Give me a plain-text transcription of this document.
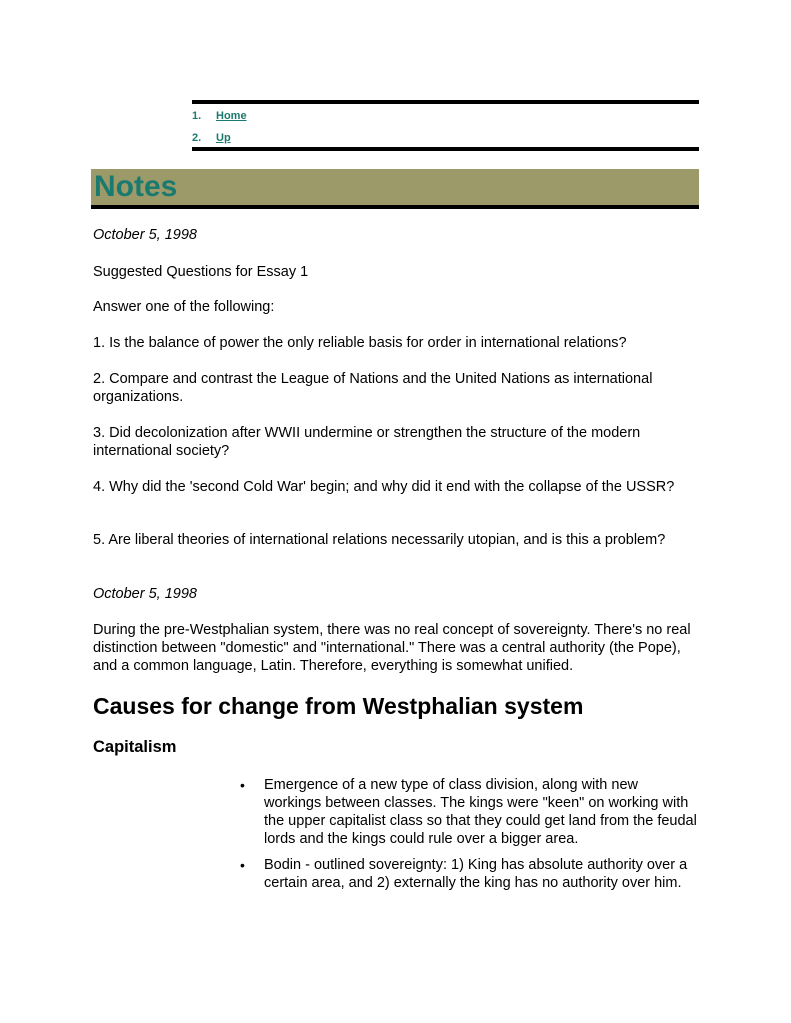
1. Home
2. Up
Notes

October 5, 1998

Suggested Questions for Essay 1

Answer one of the following:

1. Is the balance of power the only reliable basis for order in international relations?

2. Compare and contrast the League of Nations and the United Nations as international organizations.

3. Did decolonization after WWII undermine or strengthen the structure of the modern international society?

4. Why did the 'second Cold War' begin; and why did it end with the collapse of the USSR?

5. Are liberal theories of international relations necessarily utopian, and is this a problem?

October 5, 1998

During the pre-Westphalian system, there was no real concept of sovereignty. There's no real distinction between "domestic" and "international." There was a central authority (the Pope), and a common language, Latin. Therefore, everything is somewhat unified.

Causes for change from Westphalian system
Capitalism
• Emergence of a new type of class division, along with new workings between classes. The kings were "keen" on working with the upper capitalist class so that they could get land from the feudal lords and the kings could rule over a bigger area.
• Bodin - outlined sovereignty: 1) King has absolute authority over a certain area, and 2) externally the king has no authority over him.
